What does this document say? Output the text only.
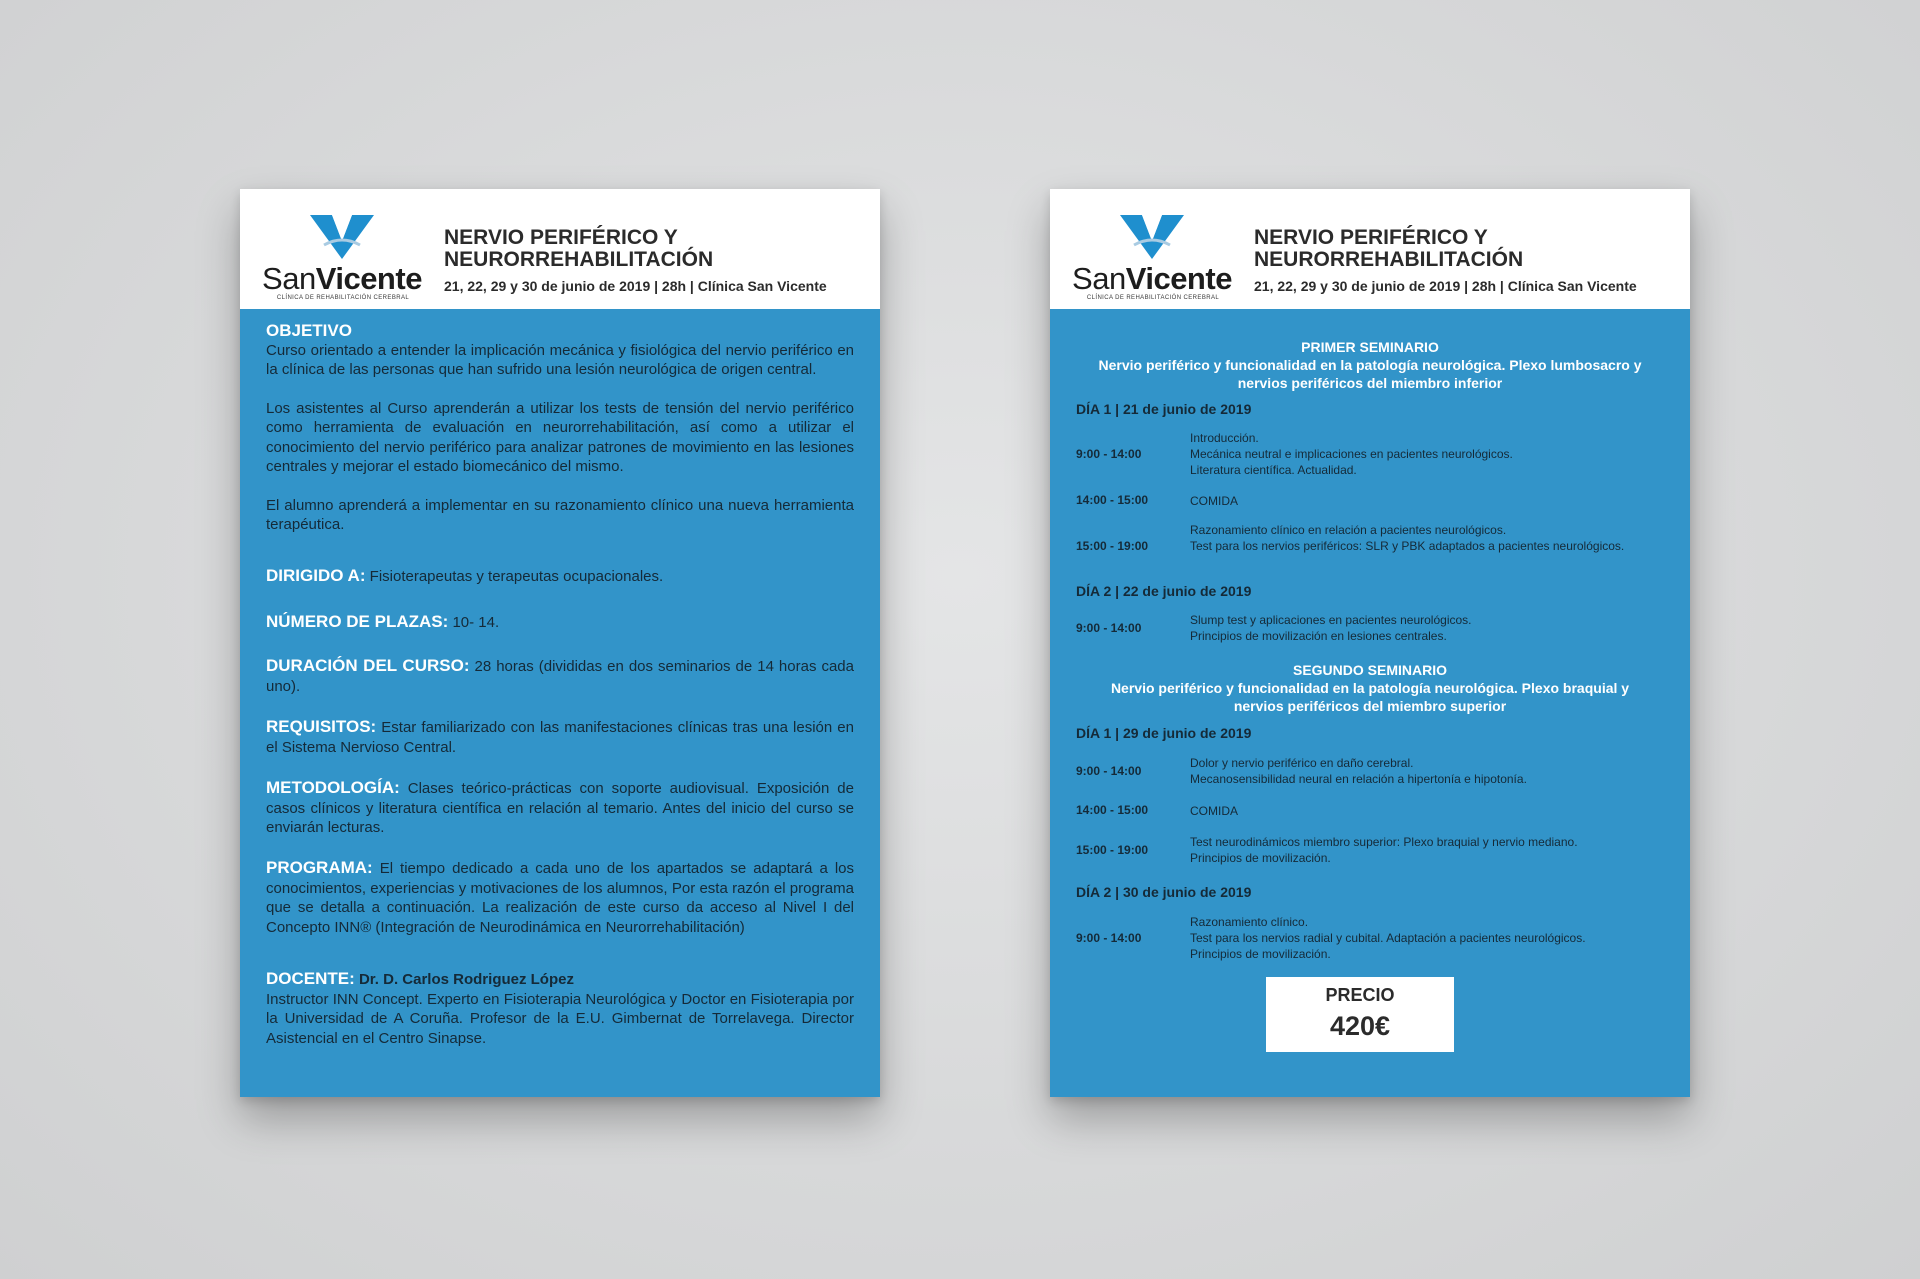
SanVicente
CLÍNICA DE REHABILITACIÓN CEREBRAL
NERVIO PERIFÉRICO Y
NEURORREHABILITACIÓN
21, 22, 29 y 30 de junio de 2019 | 28h | Clínica San Vicente
OBJETIVO

Curso orientado a entender la implicación mecánica y fisiológica del nervio periférico en la clínica de las personas que han sufrido una lesión neurológica de origen central.

Los asistentes al Curso aprenderán a utilizar los tests de tensión del nervio periférico como herramienta de evaluación en neurorrehabilitación, así como a utilizar el conocimiento del nervio periférico para analizar patrones de movimiento en las lesiones centrales y mejorar el estado biomecánico del mismo.

El alumno aprenderá a implementar en su razonamiento clínico una nueva herramienta terapéutica.

DIRIGIDO A: Fisioterapeutas y terapeutas ocupacionales.

NÚMERO DE PLAZAS: 10- 14.

DURACIÓN DEL CURSO: 28 horas (divididas en dos seminarios de 14 horas cada uno).

REQUISITOS: Estar familiarizado con las manifestaciones clínicas tras una lesión en el Sistema Nervioso Central.

METODOLOGÍA: Clases teórico-prácticas con soporte audiovisual. Exposición de casos clínicos y literatura científica en relación al temario. Antes del inicio del curso se enviarán lecturas.

PROGRAMA: El tiempo dedicado a cada uno de los apartados se adaptará a los conocimientos, experiencias y motivaciones de los alumnos, Por esta razón el programa que se detalla a continuación. La realización de este curso da acceso al Nivel I del Concepto INN® (Integración de Neurodinámica en Neurorrehabilitación)

DOCENTE: Dr. D. Carlos Rodriguez López

Instructor INN Concept. Experto en Fisioterapia Neurológica y Doctor en Fisioterapia por la Universidad de A Coruña. Profesor de la E.U. Gimbernat de Torrelavega. Director Asistencial en el Centro Sinapse.

SanVicente
CLÍNICA DE REHABILITACIÓN CEREBRAL
NERVIO PERIFÉRICO Y
NEURORREHABILITACIÓN
21, 22, 29 y 30 de junio de 2019 | 28h | Clínica San Vicente
PRIMER SEMINARIO
Nervio periférico y funcionalidad en la patología neurológica. Plexo lumbosacro y
nervios periféricos del miembro inferior
DÍA 1 | 21 de junio de 2019
9:00 - 14:00
Introducción.
Mecánica neutral e implicaciones en pacientes neurológicos.
Literatura científica. Actualidad.
14:00 - 15:00	COMIDA
15:00 - 19:00
Razonamiento clínico en relación a pacientes neurológicos.
Test para los nervios periféricos: SLR y PBK adaptados a pacientes neurológicos.
DÍA 2 | 22 de junio de 2019
9:00 - 14:00
Slump test y aplicaciones en pacientes neurológicos.
Principios de movilización en lesiones centrales.
SEGUNDO SEMINARIO
Nervio periférico y funcionalidad en la patología neurológica. Plexo braquial y
nervios periféricos del miembro superior
DÍA 1 | 29 de junio de 2019
9:00 - 14:00
Dolor y nervio periférico en daño cerebral.
Mecanosensibilidad neural en relación a hipertonía e hipotonía.
14:00 - 15:00	COMIDA
15:00 - 19:00
Test neurodinámicos miembro superior: Plexo braquial y nervio mediano.
Principios de movilización.
DÍA 2 | 30 de junio de 2019
9:00 - 14:00
Razonamiento clínico.
Test para los nervios radial y cubital. Adaptación a pacientes neurológicos.
Principios de movilización.
PRECIO
420€
